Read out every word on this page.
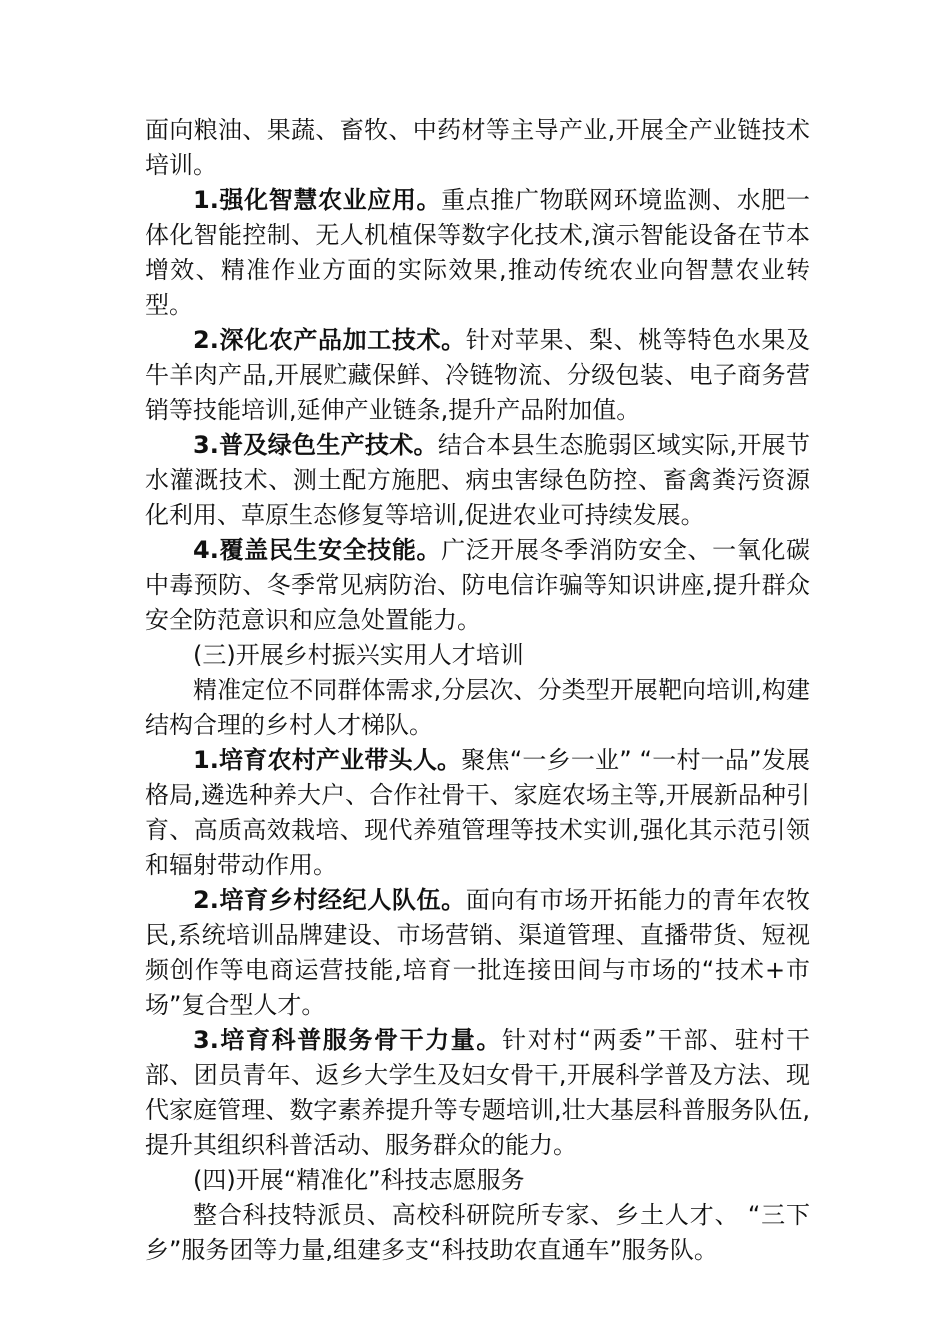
面向粮油、果蔬、畜牧、中药材等主导产业,开展全产业链技术培训。

1.强化智慧农业应用。重点推广物联网环境监测、水肥一体化智能控制、无人机植保等数字化技术,演示智能设备在节本增效、精准作业方面的实际效果,推动传统农业向智慧农业转型。

2.深化农产品加工技术。针对苹果、梨、桃等特色水果及牛羊肉产品,开展贮藏保鲜、冷链物流、分级包装、电子商务营销等技能培训,延伸产业链条,提升产品附加值。

3.普及绿色生产技术。结合本县生态脆弱区域实际,开展节水灌溉技术、测土配方施肥、病虫害绿色防控、畜禽粪污资源化利用、草原生态修复等培训,促进农业可持续发展。

4.覆盖民生安全技能。广泛开展冬季消防安全、一氧化碳中毒预防、冬季常见病防治、防电信诈骗等知识讲座,提升群众安全防范意识和应急处置能力。

(三)开展乡村振兴实用人才培训

精准定位不同群体需求,分层次、分类型开展靶向培训,构建结构合理的乡村人才梯队。

1.培育农村产业带头人。聚焦“一乡一业” “一村一品”发展格局,遴选种养大户、合作社骨干、家庭农场主等,开展新品种引育、高质高效栽培、现代养殖管理等技术实训,强化其示范引领和辐射带动作用。

2.培育乡村经纪人队伍。面向有市场开拓能力的青年农牧民,系统培训品牌建设、市场营销、渠道管理、直播带货、短视频创作等电商运营技能,培育一批连接田间与市场的“技术+市场”复合型人才。

3.培育科普服务骨干力量。针对村“两委”干部、驻村干部、团员青年、返乡大学生及妇女骨干,开展科学普及方法、现代家庭管理、数字素养提升等专题培训,壮大基层科普服务队伍,提升其组织科普活动、服务群众的能力。

(四)开展“精准化”科技志愿服务

整合科技特派员、高校科研院所专家、乡土人才、 “三下乡”服务团等力量,组建多支“科技助农直通车”服务队。
